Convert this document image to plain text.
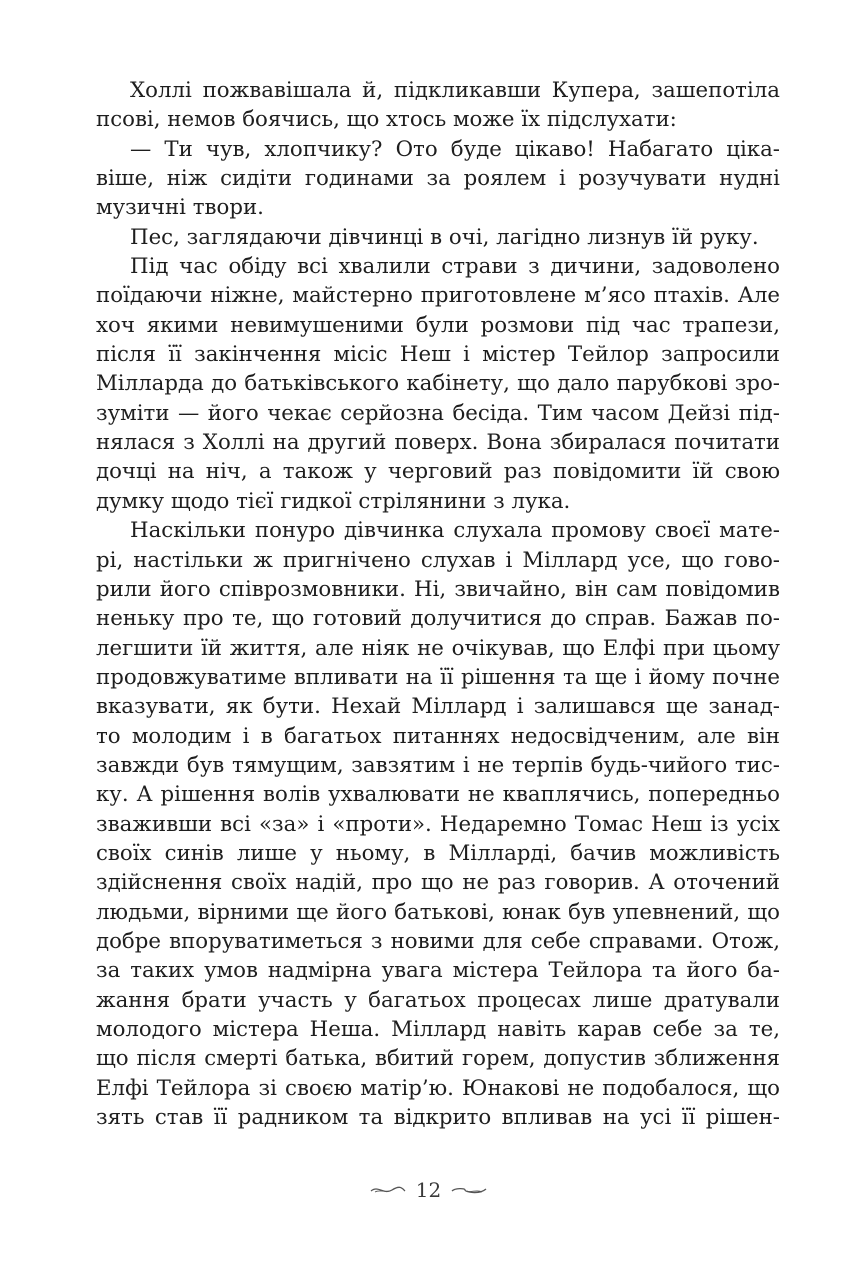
Холлі пожвавішала й, підкликавши Купера, зашепотіла
псові, немов боячись, що хтось може їх підслухати:
— Ти чув, хлопчику? Ото буде цікаво! Набагато ціка-
віше, ніж сидіти годинами за роялем і розучувати нудні
музичні твори.
Пес, заглядаючи дівчинці в очі, лагідно лизнув їй руку.
Під час обіду всі хвалили страви з дичини, задоволено
поїдаючи ніжне, майстерно приготовлене м’ясо птахів. Але
хоч якими невимушеними були розмови під час трапези,
після її закінчення місіс Неш і містер Тейлор запросили
Мілларда до батьківського кабінету, що дало парубкові зро-
зуміти — його чекає серйозна бесіда. Тим часом Дейзі під-
нялася з Холлі на другий поверх. Вона збиралася почитати
дочці на ніч, а також у черговий раз повідомити їй свою
думку щодо тієї гидкої стрілянини з лука.
Наскільки понуро дівчинка слухала промову своєї мате-
рі, настільки ж пригнічено слухав і Міллард усе, що гово-
рили його співрозмовники. Ні, звичайно, він сам повідомив
неньку про те, що готовий долучитися до справ. Бажав по-
легшити їй життя, але ніяк не очікував, що Елфі при цьому
продовжуватиме впливати на її рішення та ще і йому почне
вказувати, як бути. Нехай Міллард і залишався ще занад-
то молодим і в багатьох питаннях недосвідченим, але він
завжди був тямущим, завзятим і не терпів будь-чийого тис-
ку. А рішення волів ухвалювати не кваплячись, попередньо
зваживши всі «за» і «проти». Недаремно Томас Неш із усіх
своїх синів лише у ньому, в Мілларді, бачив можливість
здійснення своїх надій, про що не раз говорив. А оточений
людьми, вірними ще його батькові, юнак був упевнений, що
добре впоруватиметься з новими для себе справами. Отож,
за таких умов надмірна увага містера Тейлора та його ба-
жання брати участь у багатьох процесах лише дратували
молодого містера Неша. Міллард навіть карав себе за те,
що після смерті батька, вбитий горем, допустив зближення
Елфі Тейлора зі своєю матір’ю. Юнакові не подобалося, що
зять став її радником та відкрито впливав на усі її рішен-
12
